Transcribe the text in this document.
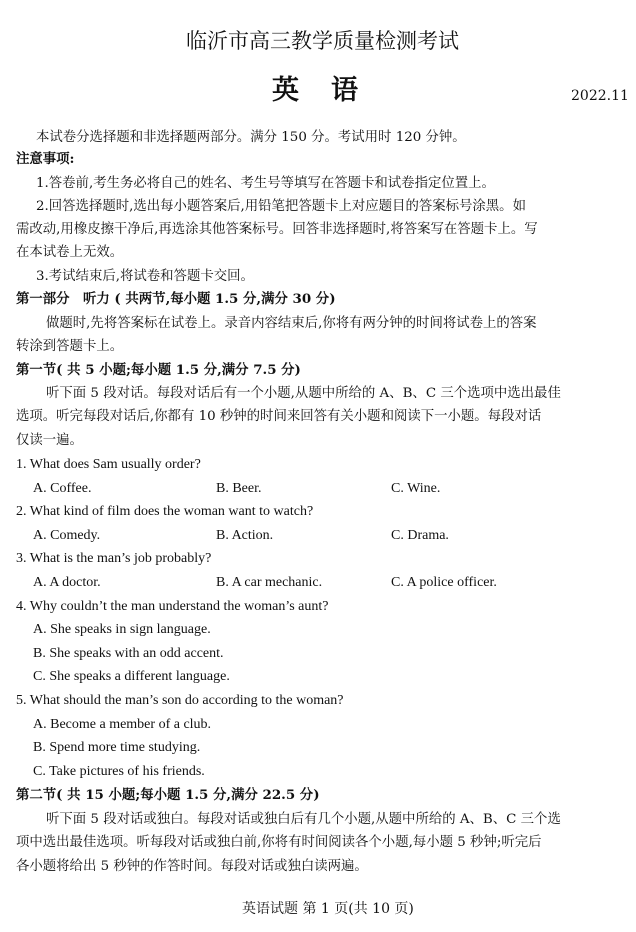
临沂市高三教学质量检测考试
英语	2022.11
本试卷分选择题和非选择题两部分。满分 150 分。考试用时 120 分钟。
注意事项:
1.答卷前,考生务必将自己的姓名、考生号等填写在答题卡和试卷指定位置上。
2.回答选择题时,选出每小题答案后,用铅笔把答题卡上对应题目的答案标号涂黑。如
需改动,用橡皮擦干净后,再选涂其他答案标号。回答非选择题时,将答案写在答题卡上。写
在本试卷上无效。
3.考试结束后,将试卷和答题卡交回。
第一部分　听力 ( 共两节,每小题 1.5 分,满分 30 分)
做题时,先将答案标在试卷上。录音内容结束后,你将有两分钟的时间将试卷上的答案
转涂到答题卡上。
第一节( 共 5 小题;每小题 1.5 分,满分 7.5 分)
听下面 5 段对话。每段对话后有一个小题,从题中所给的 A、B、C 三个选项中选出最佳
选项。听完每段对话后,你都有 10 秒钟的时间来回答有关小题和阅读下一小题。每段对话
仅读一遍。
1. What does Sam usually order?
A. Coffee.	B. Beer.	C. Wine.
2. What kind of film does the woman want to watch?
A. Comedy.	B. Action.	C. Drama.
3. What is the man’s job probably?
A. A doctor.	B. A car mechanic.	C. A police officer.
4. Why couldn’t the man understand the woman’s aunt?
A. She speaks in sign language.
B. She speaks with an odd accent.
C. She speaks a different language.
5. What should the man’s son do according to the woman?
A. Become a member of a club.
B. Spend more time studying.
C. Take pictures of his friends.
第二节( 共 15 小题;每小题 1.5 分,满分 22.5 分)
听下面 5 段对话或独白。每段对话或独白后有几个小题,从题中所给的 A、B、C 三个选
项中选出最佳选项。听每段对话或独白前,你将有时间阅读各个小题,每小题 5 秒钟;听完后
各小题将给出 5 秒钟的作答时间。每段对话或独白读两遍。
英语试题 第 1 页(共 10 页)
